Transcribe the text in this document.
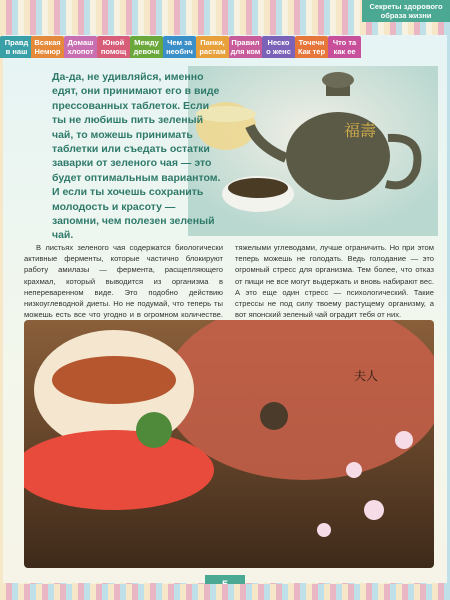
Правд
в наш
Всякая
Немюр
Домаш
хлопот
Юной
помощ
Между
девочк
Чем за
необнч
Панки,
растам
Правил
для ком
Неско
о женс
Точечн
Как тер
Что та
как ее
Секреты здорового образа жизни
福壽

Да-да, не удивляйся, именно едят, они принимают его в виде прессованных таблеток. Если ты не любишь пить зеленый чай, то можешь принимать таблетки или съедать остатки заварки от зеленого чая — это будет оптимальным вариантом. И если ты хочешь сохранить молодость и красоту — запомни, чем полезен зеленый чай.

В листьях зеленого чая содержатся биологически активные ферменты, которые частично блокируют работу амилазы — фермента, расщепляющего крахмал, который выводится из организма в непереваренном виде. Это подобно действию низкоуглеводной диеты. Но не подумай, что теперь ты можешь есть все что угодно и в огромном количестве. тяжелыми углеводами, лучше ограничить. Но при этом теперь можешь не голодать. Ведь голодание — это огромный стресс для организма. Тем более, что отказ от пищи не все могут выдержать и вновь набирают вес. А это еще один стресс — психологический. Такие стрессы не под силу твоему растущему организму, а вот японский зеленый чай оградит тебя от них.

夫人
